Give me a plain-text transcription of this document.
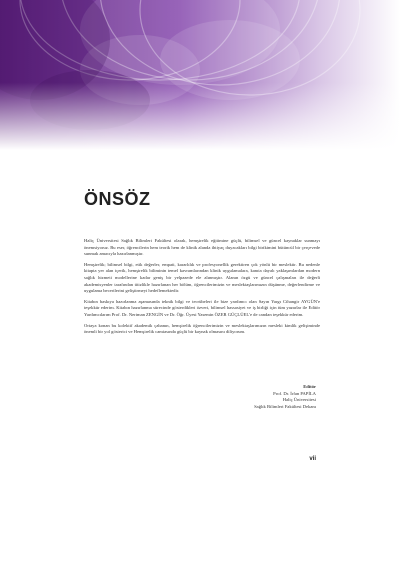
ÖNSÖZ

Haliç Üniversitesi Sağlık Bilimleri Fakültesi olarak, hemşirelik eğitimine güçlü, bilimsel ve güncel kaynaklar sunmayı önemsiyoruz. Bu eser, öğrencilerin hem teorik hem de klinik alanda ihtiyaç duyacakları bilgi birikimini bütüncül bir çerçevede sunmak amacıyla hazırlanmıştır.

Hemşirelik; bilimsel bilgi, etik değerler, empati, kararlılık ve profesyonellik gerektiren çok yönlü bir meslektir. Bu nedenle kitapta yer alan içerik, hemşirelik biliminin temel kavramlarından klinik uygulamalara, kanıta dayalı yaklaşımlardan modern sağlık hizmeti modellerine kadar geniş bir yelpazede ele alınmıştır. Alanın özgü ve güncel çalışmaları ile değerli akademisyenler tarafından titizlikle hazırlanan her bölüm, öğrencilerimizin ve meslektaşlarımızın düşünme, değerlendirme ve uygulama becerilerini geliştirmeyi hedeflemektedir.

Kitabın baskıya hazırlanma aşamasında teknik bilgi ve tecrübeleri ile bize yardımcı olan Sayın Yargı Cihangir AYGÜN'e teşekkür ederim. Kitabın hazırlanma sürecinde gösterdikleri özveri, bilimsel hassasiyet ve iş birliği için tüm yazarlar ile Editör Yardımcılarım Prof. Dr. Neriman ZENGİN ve Dr. Öğr. Üyesi Yasemin ÖZER GÜÇLÜEL'e de candan teşekkür ederim.

Ortaya konan bu kolektif akademik çabanın, hemşirelik öğrencilerimizin ve meslektaşlarımızın mesleki kimlik gelişiminde önemli bir yol gösterici ve Hemşirelik camiasında güçlü bir kaynak olmasını diliyorum.

Editör
Prof. Dr. İrfan PAPİLA
Haliç Üniversitesi
Sağlık Bilimleri Fakültesi Dekanı
vii
